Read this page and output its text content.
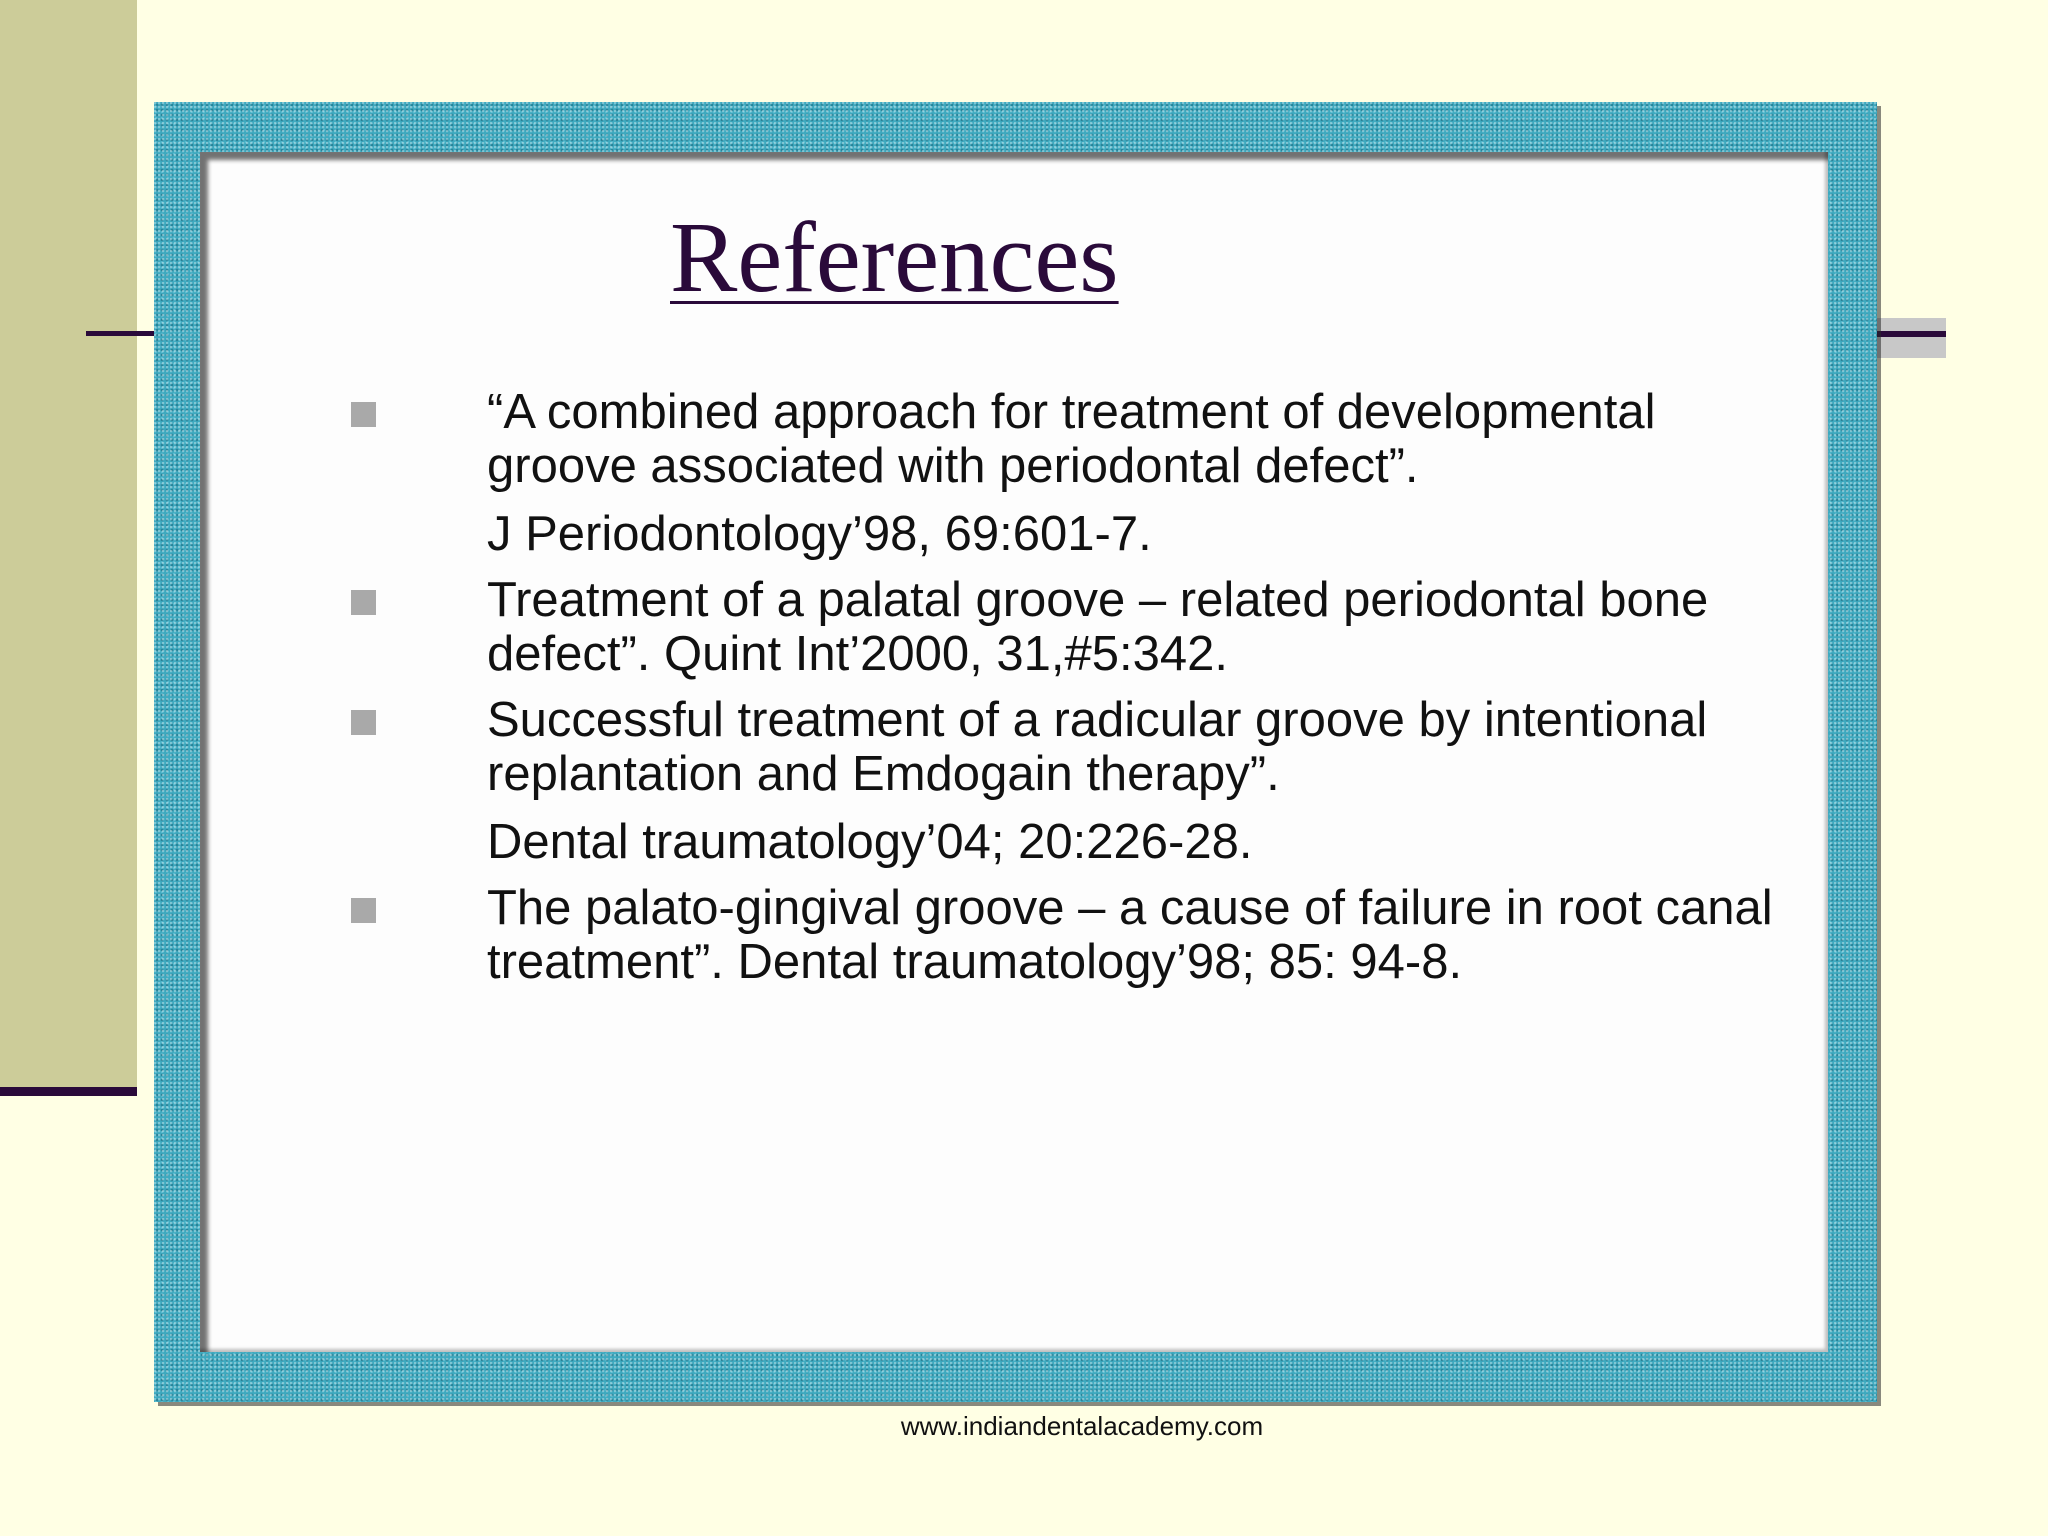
References

“A combined approach for treatment of developmental groove associated with periodontal defect”.

J Periodontology’98, 69:601-7.

Treatment of a palatal groove – related periodontal bone defect”. Quint Int’2000, 31,#5:342.

Successful treatment of a radicular groove by intentional replantation and Emdogain therapy”.

Dental traumatology’04; 20:226-28.

The palato-gingival groove – a cause of failure in root canal treatment”. Dental traumatology’98; 85: 94-8.

www.indiandentalacademy.com
